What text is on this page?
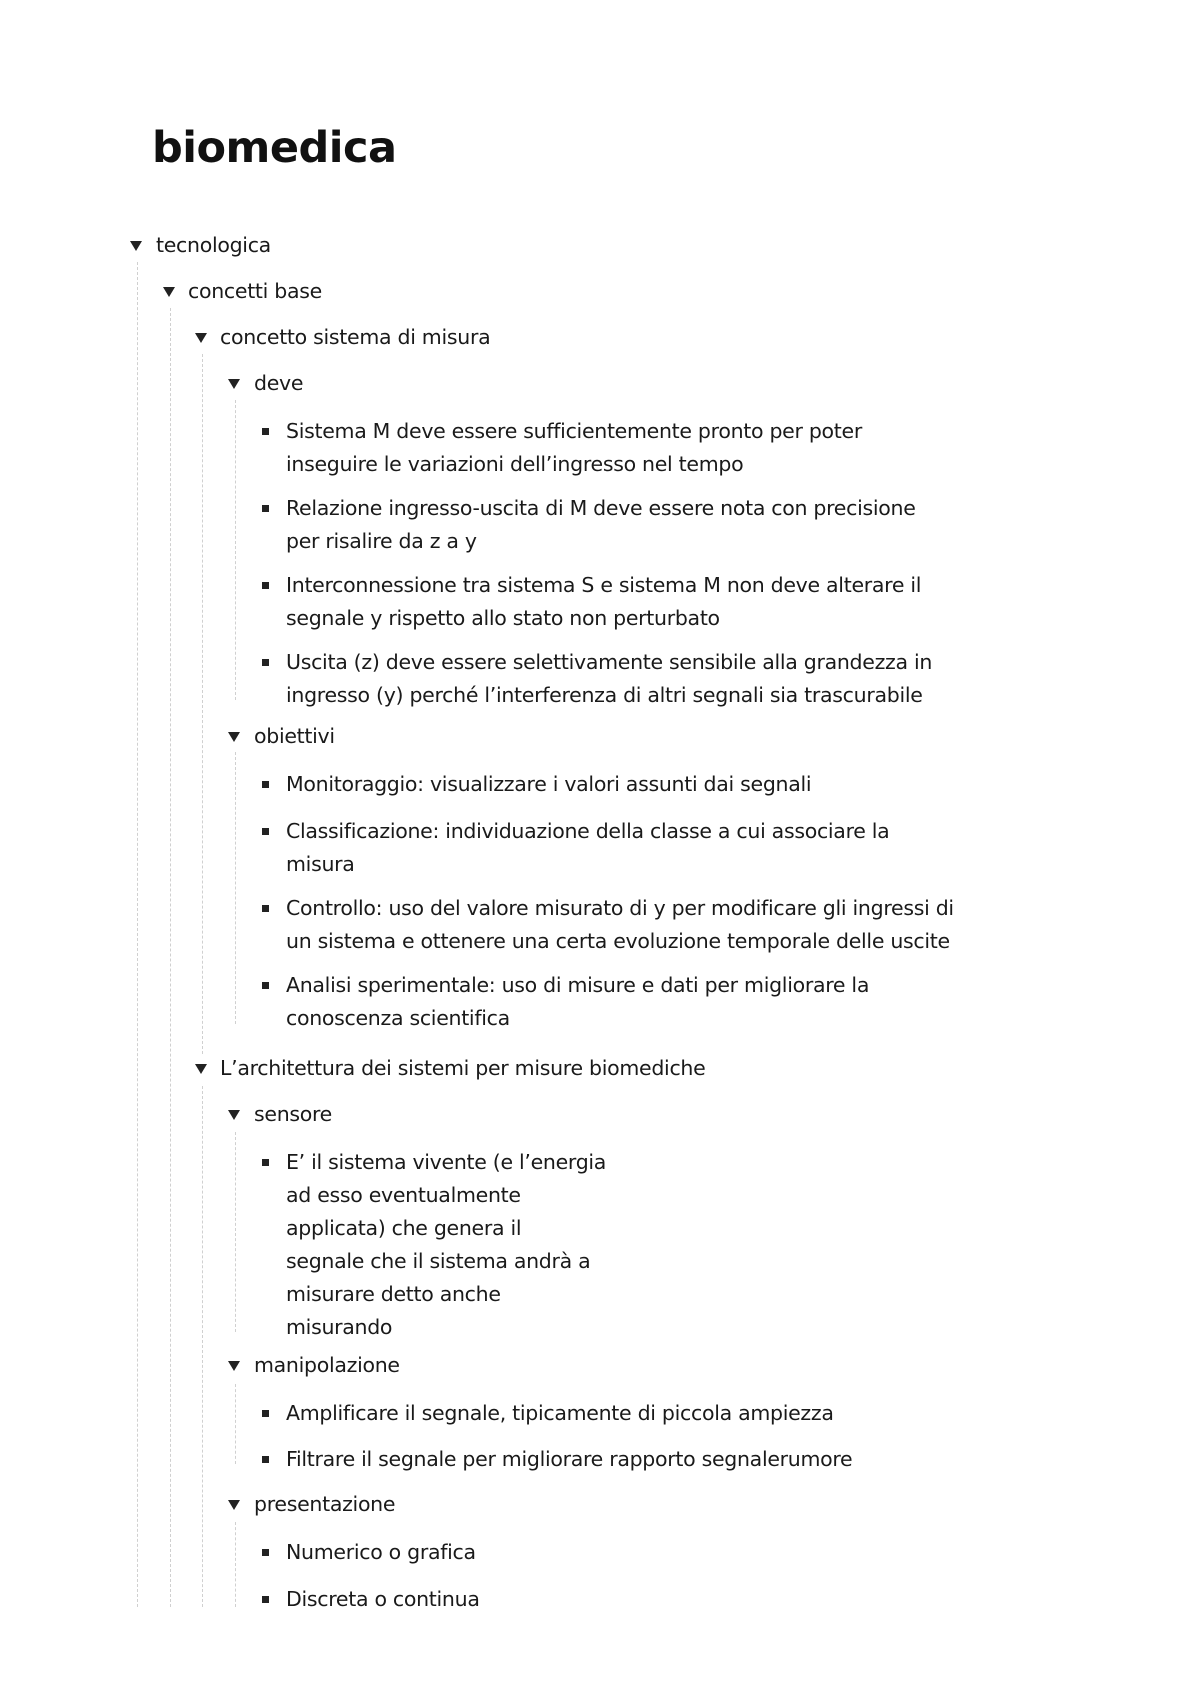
biomedica
tecnologica
concetti base
concetto sistema di misura
deve
Sistema M deve essere sufficientemente pronto per poter
inseguire le variazioni dell’ingresso nel tempo
Relazione ingresso-uscita di M deve essere nota con precisione
per risalire da z a y
Interconnessione tra sistema S e sistema M non deve alterare il
segnale y rispetto allo stato non perturbato
Uscita (z) deve essere selettivamente sensibile alla grandezza in
ingresso (y) perché l’interferenza di altri segnali sia trascurabile
obiettivi
Monitoraggio: visualizzare i valori assunti dai segnali
Classificazione: individuazione della classe a cui associare la
misura
Controllo: uso del valore misurato di y per modificare gli ingressi di
un sistema e ottenere una certa evoluzione temporale delle uscite
Analisi sperimentale: uso di misure e dati per migliorare la
conoscenza scientifica
L’architettura dei sistemi per misure biomediche
sensore
E’ il sistema vivente (e l’energia
ad esso eventualmente
applicata) che genera il
segnale che il sistema andrà a
misurare detto anche
misurando
manipolazione
Amplificare il segnale, tipicamente di piccola ampiezza
Filtrare il segnale per migliorare rapporto segnalerumore
presentazione
Numerico o grafica
Discreta o continua
